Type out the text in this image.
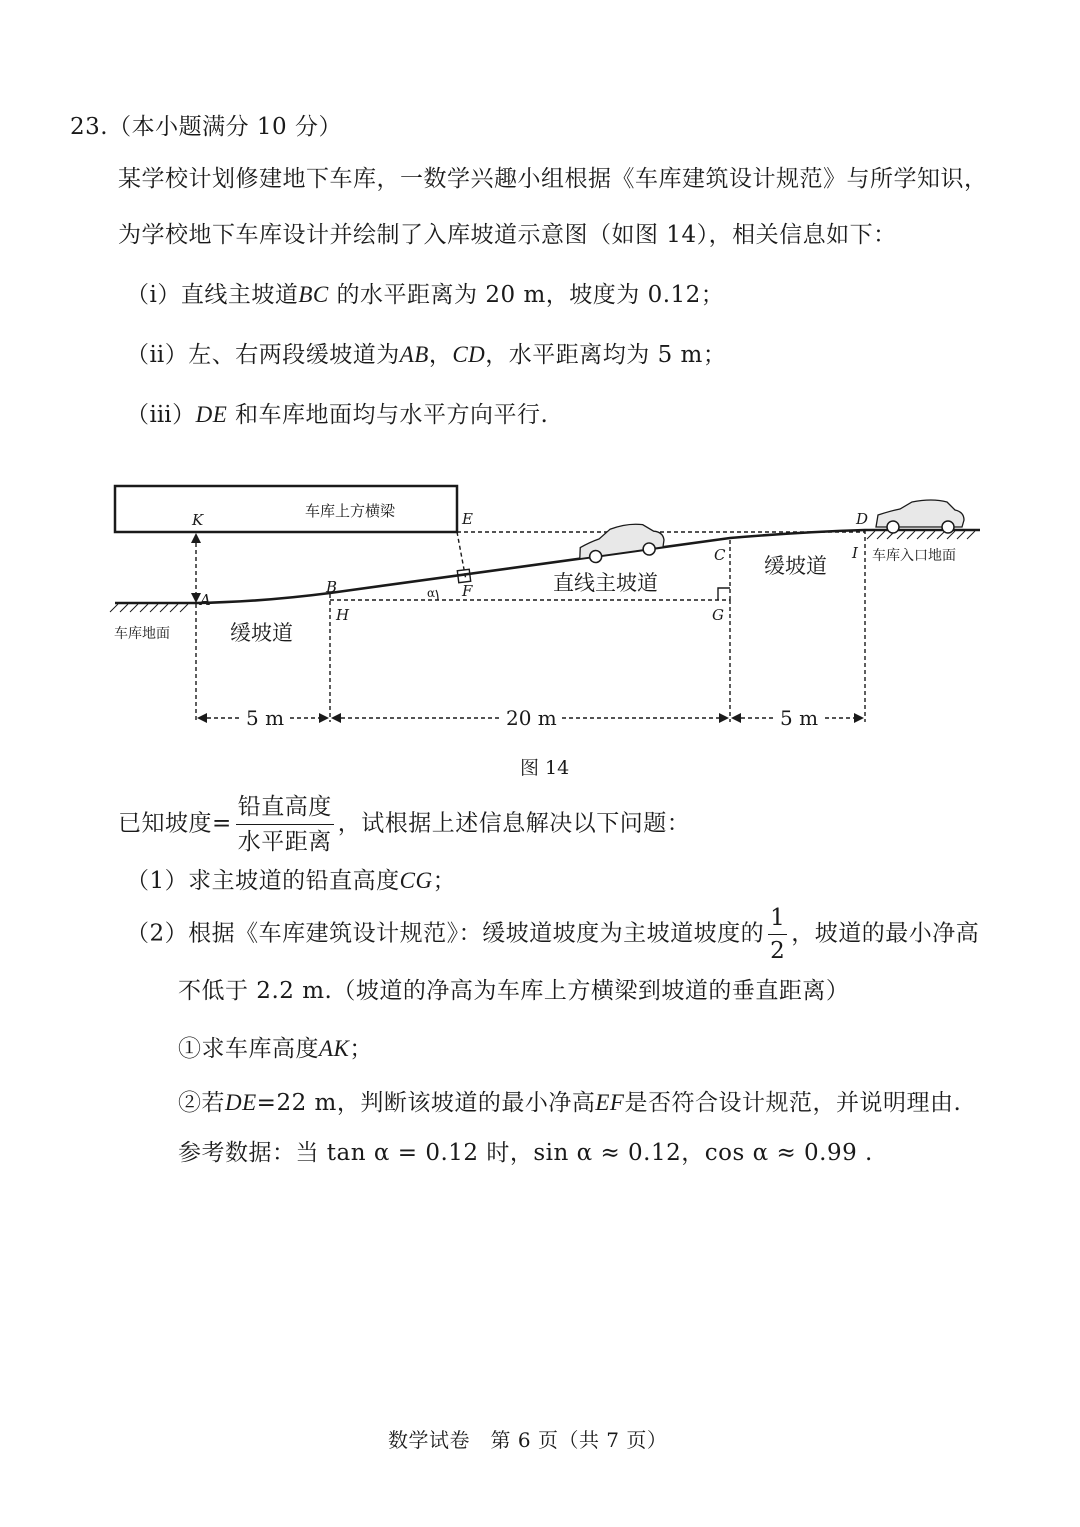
23.（本小题满分 10 分）
某学校计划修建地下车库，一数学兴趣小组根据《车库建筑设计规范》与所学知识，
为学校地下车库设计并绘制了入库坡道示意图（如图 14），相关信息如下：
（ⅰ）直线主坡道BC 的水平距离为 20 m，坡度为 0.12；
（ⅱ）左、右两段缓坡道为AB，CD，水平距离均为 5 m；
（ⅲ）DE 和车库地面均与水平方向平行.
车库上方横梁
5 m	20 m	5 m
α
K	E	D
I
C
G
B
H
F
A
直线主坡道
缓坡道
缓坡道
车库地面
车库入口地面
图 14
已知坡度= $\frac{\text{铅直高度}}{\text{水平距离}}$ ，试根据上述信息解决以下问题：
（1）求主坡道的铅直高度CG；
（2）根据《车库建筑设计规范》：缓坡道坡度为主坡道坡度的 $\frac{1}{2}$ ，坡道的最小净高
不低于 2.2 m.（坡道的净高为车库上方横梁到坡道的垂直距离）
①求车库高度AK；
②若DE=22 m，判断该坡道的最小净高EF是否符合设计规范，并说明理由.
参考数据：当 tan α = 0.12 时，sin α ≈ 0.12，cos α ≈ 0.99 .
数学试卷　第 6 页（共 7 页）
